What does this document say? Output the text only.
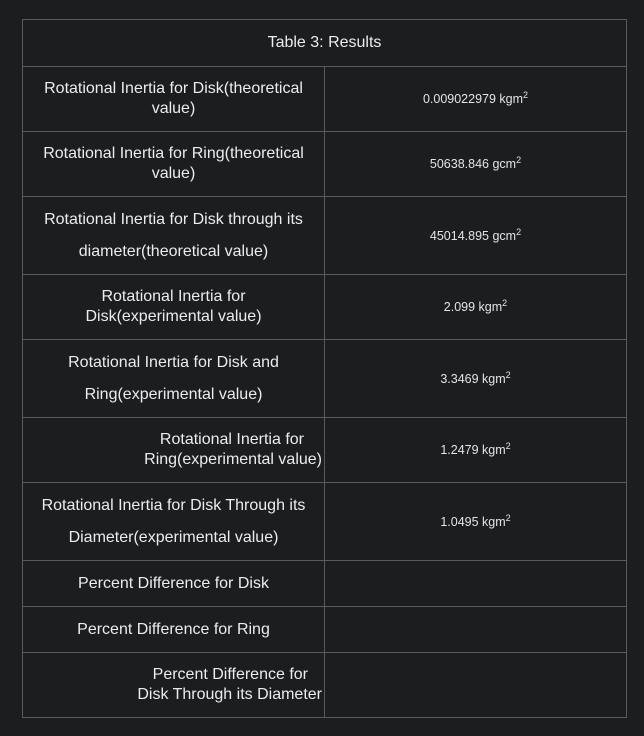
Table 3: Results	

Rotational Inertia for Disk(theoretical
value)	0.009022979 kgm$^2$

Rotational Inertia for Ring(theoretical
value)	50638.846 gcm$^2$

Rotational Inertia for Disk through its
diameter(theoretical value)	45014.895 gcm$^2$

Rotational Inertia for
Disk(experimental value)	2.099 kgm$^2$

Rotational Inertia for Disk and
Ring(experimental value)	3.3469 kgm$^2$

Rotational Inertia for
Ring(experimental value)	1.2479 kgm$^2$

Rotational Inertia for Disk Through its
Diameter(experimental value)	1.0495 kgm$^2$

Percent Difference for Disk	

Percent Difference for Ring	

Percent Difference for
Disk Through its Diameter	
